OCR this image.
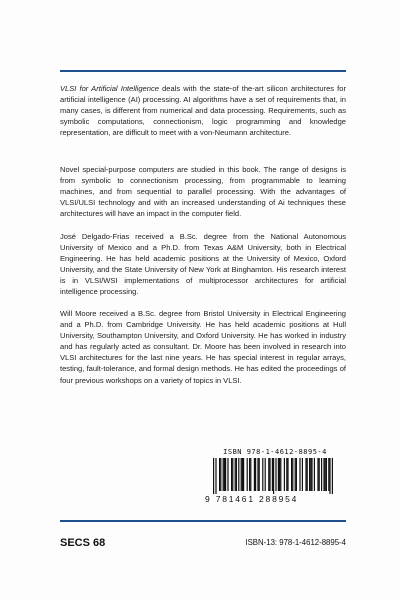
VLSI for Artificial Intelligence deals with the state-of the-art silicon architectures for artificial intelligence (AI) processing. AI algorithms have a set of requirements that, in many cases, is different from numerical and data processing. Requirements, such as symbolic computations, connectionism, logic programming and knowledge representation, are difficult to meet with a von-Neumann architecture.

Novel special-purpose computers are studied in this book. The range of designs is from symbolic to connectionism processing, from programmable to learning machines, and from sequential to parallel processing. With the advantages of VLSI/ULSI technology and with an increased understanding of Ai techniques these architectures will have an impact in the computer field.

José Delgado-Frias received a B.Sc. degree from the National Autonomous University of Mexico and a Ph.D. from Texas A&M University, both in Electrical Engineering. He has held academic positions at the University of Mexico, Oxford University, and the State University of New York at Binghamton. His research interest is in VLSI/WSI implementations of multiprocessor architectures for artificial intelligence processing.

Will Moore received a B.Sc. degree from Bristol University in Electrical Engineering and a Ph.D. from Cambridge University. He has held academic positions at Hull University, Southampton University, and Oxford University. He has worked in industry and has regularly acted as consultant. Dr. Moore has been involved in research into VLSI architectures for the last nine years. He has special interest in regular arrays, testing, fault-tolerance, and formal design methods. He has edited the proceedings of four previous workshops on a variety of topics in VLSI.

ISBN 978-1-4612-8895-4
9 781461 288954
SECS 68	ISBN-13: 978-1-4612-8895-4
